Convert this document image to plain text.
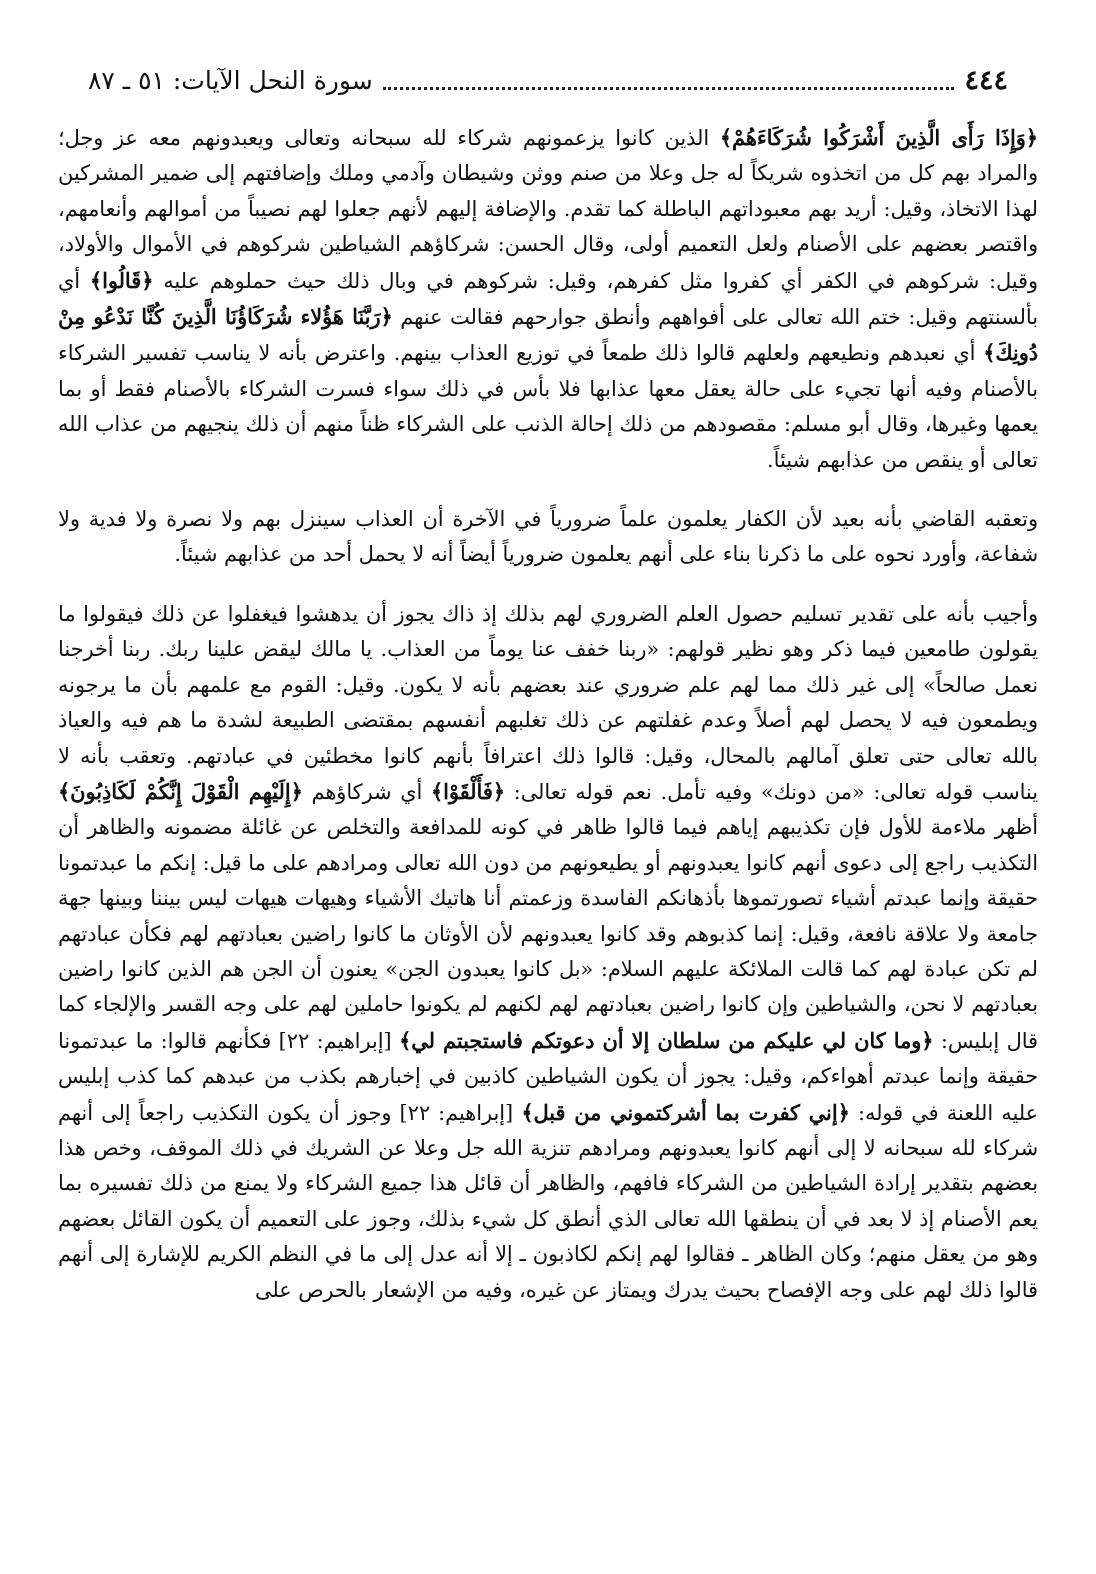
٤٤٤
سورة النحل الآيات: ٥١ ـ ٨٧

﴿وَإِذَا رَأَى الَّذِينَ أَشْرَكُوا شُرَكَاءَهُمْ﴾ الذين كانوا يزعمونهم شركاء لله سبحانه وتعالى ويعبدونهم معه عز وجل؛ والمراد بهم كل من اتخذوه شريكاً له جل وعلا من صنم ووثن وشيطان وآدمي وملك وإضافتهم إلى ضمير المشركين لهذا الاتخاذ، وقيل: أريد بهم معبوداتهم الباطلة كما تقدم. والإضافة إليهم لأنهم جعلوا لهم نصيباً من أموالهم وأنعامهم، واقتصر بعضهم على الأصنام ولعل التعميم أولى، وقال الحسن: شركاؤهم الشياطين شركوهم في الأموال والأولاد، وقيل: شركوهم في الكفر أي كفروا مثل كفرهم، وقيل: شركوهم في وبال ذلك حيث حملوهم عليه ﴿قَالُوا﴾ أي بألسنتهم وقيل: ختم الله تعالى على أفواههم وأنطق جوارحهم فقالت عنهم ﴿رَبَّنَا هَؤُلاء شُرَكَاؤُنَا الَّذِينَ كُنَّا نَدْعُو مِنْ دُونِكَ﴾ أي نعبدهم ونطيعهم ولعلهم قالوا ذلك طمعاً في توزيع العذاب بينهم. واعترض بأنه لا يناسب تفسير الشركاء بالأصنام وفيه أنها تجيء على حالة يعقل معها عذابها فلا بأس في ذلك سواء فسرت الشركاء بالأصنام فقط أو بما يعمها وغيرها، وقال أبو مسلم: مقصودهم من ذلك إحالة الذنب على الشركاء ظناً منهم أن ذلك ينجيهم من عذاب الله تعالى أو ينقص من عذابهم شيئاً.

وتعقبه القاضي بأنه بعيد لأن الكفار يعلمون علماً ضرورياً في الآخرة أن العذاب سينزل بهم ولا نصرة ولا فدية ولا شفاعة، وأورد نحوه على ما ذكرنا بناء على أنهم يعلمون ضرورياً أيضاً أنه لا يحمل أحد من عذابهم شيئاً.

وأجيب بأنه على تقدير تسليم حصول العلم الضروري لهم بذلك إذ ذاك يجوز أن يدهشوا فيغفلوا عن ذلك فيقولوا ما يقولون طامعين فيما ذكر وهو نظير قولهم: «ربنا خفف عنا يوماً من العذاب. يا مالك ليقض علينا ربك. ربنا أخرجنا نعمل صالحاً» إلى غير ذلك مما لهم علم ضروري عند بعضهم بأنه لا يكون. وقيل: القوم مع علمهم بأن ما يرجونه ويطمعون فيه لا يحصل لهم أصلاً وعدم غفلتهم عن ذلك تغلبهم أنفسهم بمقتضى الطبيعة لشدة ما هم فيه والعياذ بالله تعالى حتى تعلق آمالهم بالمحال، وقيل: قالوا ذلك اعترافاً بأنهم كانوا مخطئين في عبادتهم. وتعقب بأنه لا يناسب قوله تعالى: «من دونك» وفيه تأمل. نعم قوله تعالى: ﴿فَأَلْقَوْا﴾ أي شركاؤهم ﴿إِلَيْهِم الْقَوْلَ إِنَّكُمْ لَكَاذِبُونَ﴾ أظهر ملاءمة للأول فإن تكذيبهم إياهم فيما قالوا ظاهر في كونه للمدافعة والتخلص عن غائلة مضمونه والظاهر أن التكذيب راجع إلى دعوى أنهم كانوا يعبدونهم أو يطيعونهم من دون الله تعالى ومرادهم على ما قيل: إنكم ما عبدتمونا حقيقة وإنما عبدتم أشياء تصورتموها بأذهانكم الفاسدة وزعمتم أنا هاتيك الأشياء وهيهات هيهات ليس بيننا وبينها جهة جامعة ولا علاقة نافعة، وقيل: إنما كذبوهم وقد كانوا يعبدونهم لأن الأوثان ما كانوا راضين بعبادتهم لهم فكأن عبادتهم لم تكن عبادة لهم كما قالت الملائكة عليهم السلام: «بل كانوا يعبدون الجن» يعنون أن الجن هم الذين كانوا راضين بعبادتهم لا نحن، والشياطين وإن كانوا راضين بعبادتهم لهم لكنهم لم يكونوا حاملين لهم على وجه القسر والإلجاء كما قال إبليس: ﴿وما كان لي عليكم من سلطان إلا أن دعوتكم فاستجبتم لي﴾ [إبراهيم: ٢٢] فكأنهم قالوا: ما عبدتمونا حقيقة وإنما عبدتم أهواءكم، وقيل: يجوز أن يكون الشياطين كاذبين في إخبارهم بكذب من عبدهم كما كذب إبليس عليه اللعنة في قوله: ﴿إني كفرت بما أشركتموني من قبل﴾ [إبراهيم: ٢٢] وجوز أن يكون التكذيب راجعاً إلى أنهم شركاء لله سبحانه لا إلى أنهم كانوا يعبدونهم ومرادهم تنزية الله جل وعلا عن الشريك في ذلك الموقف، وخص هذا بعضهم بتقدير إرادة الشياطين من الشركاء فافهم، والظاهر أن قائل هذا جميع الشركاء ولا يمنع من ذلك تفسيره بما يعم الأصنام إذ لا بعد في أن ينطقها الله تعالى الذي أنطق كل شيء بذلك، وجوز على التعميم أن يكون القائل بعضهم وهو من يعقل منهم؛ وكان الظاهر ـ فقالوا لهم إنكم لكاذبون ـ إلا أنه عدل إلى ما في النظم الكريم للإشارة إلى أنهم قالوا ذلك لهم على وجه الإفصاح بحيث يدرك ويمتاز عن غيره، وفيه من الإشعار بالحرص على
